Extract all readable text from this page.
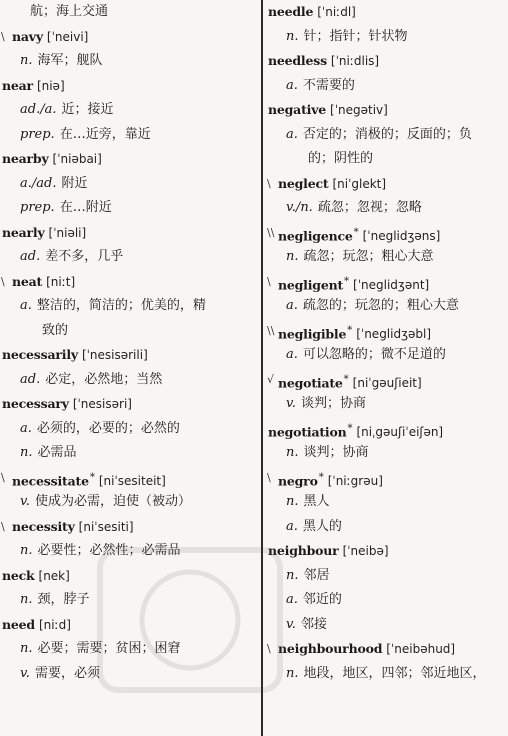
航；海上交通
\ navy [ˈneivi]
n. 海军；舰队
near [niə]
ad./a. 近；接近
prep. 在…近旁，靠近
nearby [ˈniəbai]
a./ad. 附近
prep. 在…附近
nearly [ˈniəli]
ad. 差不多，几乎
\ neat [niːt]
a. 整洁的，简洁的；优美的，精
致的
necessarily [ˈnesisərili]
ad. 必定，必然地；当然
necessary [ˈnesisəri]
a. 必须的，必要的；必然的
n. 必需品
\ necessitate* [niˈsesiteit]
v. 使成为必需，迫使（被动）
\ necessity [niˈsesiti]
n. 必要性；必然性；必需品
neck [nek]
n. 颈，脖子
need [niːd]
n. 必要；需要；贫困；困窘
v. 需要，必须
needle [ˈniːdl]
n. 针；指针；针状物
needless [ˈniːdlis]
a. 不需要的
negative [ˈnegətiv]
a. 否定的；消极的；反面的；负
的；阴性的
\ neglect [niˈglekt]
v./n. 疏忽；忽视；忽略
\\ negligence* [ˈneglidʒəns]
n. 疏忽；玩忽；粗心大意
\ negligent* [ˈneglidʒənt]
a. 疏忽的；玩忽的；粗心大意
\\ negligible* [ˈneglidʒəbl]
a. 可以忽略的；微不足道的
√ negotiate* [niˈgəuʃieit]
v. 谈判；协商
negotiation* [niˌgəuʃiˈeiʃən]
n. 谈判；协商
\ negro* [ˈniːgrəu]
n. 黑人
a. 黑人的
neighbour [ˈneibə]
n. 邻居
a. 邻近的
v. 邻接
\ neighbourhood [ˈneibəhud]
n. 地段，地区，四邻；邻近地区，
